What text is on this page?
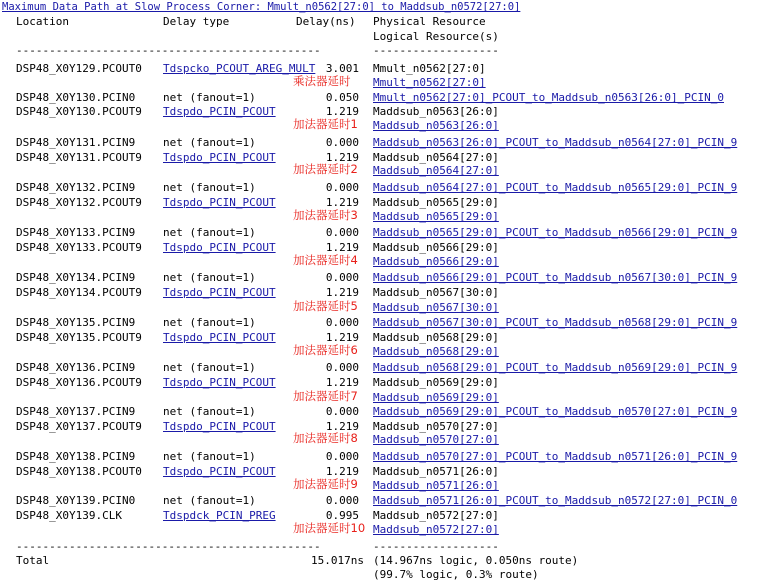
Maximum Data Path at Slow Process Corner: Mmult_n0562[27:0] to Maddsub_n0572[27:0]
Location	Delay type	Delay(ns) Physical Resource
Logical Resource(s)
----------------------------------------------	-------------------
DSP48_X0Y129.PCOUT0 Tdspcko_PCOUT_AREG_MULT 3.001 Mmult_n0562[27:0]
乘法器延时 Mmult_n0562[27:0]
DSP48_X0Y130.PCIN0	net (fanout=1)	0.050 Mmult_n0562[27:0]_PCOUT_to_Maddsub_n0563[26:0]_PCIN_0
DSP48_X0Y130.PCOUT9 Tdspdo_PCIN_PCOUT	1.219 Maddsub_n0563[26:0]
加法器延时1 Maddsub_n0563[26:0]
DSP48_X0Y131.PCIN9	net (fanout=1)	0.000 Maddsub_n0563[26:0]_PCOUT_to_Maddsub_n0564[27:0]_PCIN_9
DSP48_X0Y131.PCOUT9 Tdspdo_PCIN_PCOUT	1.219 Maddsub_n0564[27:0]
加法器延时2 Maddsub_n0564[27:0]
DSP48_X0Y132.PCIN9	net (fanout=1)	0.000 Maddsub_n0564[27:0]_PCOUT_to_Maddsub_n0565[29:0]_PCIN_9
DSP48_X0Y132.PCOUT9 Tdspdo_PCIN_PCOUT	1.219 Maddsub_n0565[29:0]
加法器延时3 Maddsub_n0565[29:0]
DSP48_X0Y133.PCIN9	net (fanout=1)	0.000 Maddsub_n0565[29:0]_PCOUT_to_Maddsub_n0566[29:0]_PCIN_9
DSP48_X0Y133.PCOUT9 Tdspdo_PCIN_PCOUT	1.219 Maddsub_n0566[29:0]
加法器延时4 Maddsub_n0566[29:0]
DSP48_X0Y134.PCIN9	net (fanout=1)	0.000 Maddsub_n0566[29:0]_PCOUT_to_Maddsub_n0567[30:0]_PCIN_9
DSP48_X0Y134.PCOUT9 Tdspdo_PCIN_PCOUT	1.219 Maddsub_n0567[30:0]
加法器延时5 Maddsub_n0567[30:0]
DSP48_X0Y135.PCIN9	net (fanout=1)	0.000 Maddsub_n0567[30:0]_PCOUT_to_Maddsub_n0568[29:0]_PCIN_9
DSP48_X0Y135.PCOUT9 Tdspdo_PCIN_PCOUT	1.219 Maddsub_n0568[29:0]
加法器延时6 Maddsub_n0568[29:0]
DSP48_X0Y136.PCIN9	net (fanout=1)	0.000 Maddsub_n0568[29:0]_PCOUT_to_Maddsub_n0569[29:0]_PCIN_9
DSP48_X0Y136.PCOUT9 Tdspdo_PCIN_PCOUT	1.219 Maddsub_n0569[29:0]
加法器延时7 Maddsub_n0569[29:0]
DSP48_X0Y137.PCIN9	net (fanout=1)	0.000 Maddsub_n0569[29:0]_PCOUT_to_Maddsub_n0570[27:0]_PCIN_9
DSP48_X0Y137.PCOUT9 Tdspdo_PCIN_PCOUT	1.219 Maddsub_n0570[27:0]
加法器延时8 Maddsub_n0570[27:0]
DSP48_X0Y138.PCIN9	net (fanout=1)	0.000 Maddsub_n0570[27:0]_PCOUT_to_Maddsub_n0571[26:0]_PCIN_9
DSP48_X0Y138.PCOUT0 Tdspdo_PCIN_PCOUT	1.219 Maddsub_n0571[26:0]
加法器延时9 Maddsub_n0571[26:0]
DSP48_X0Y139.PCIN0	net (fanout=1)	0.000 Maddsub_n0571[26:0]_PCOUT_to_Maddsub_n0572[27:0]_PCIN_0
DSP48_X0Y139.CLK	Tdspdck_PCIN_PREG	0.995 Maddsub_n0572[27:0]
加法器延时10 Maddsub_n0572[27:0]
----------------------------------------------	-------------------
Total	15.017ns (14.967ns logic, 0.050ns route)
(99.7% logic, 0.3% route)
